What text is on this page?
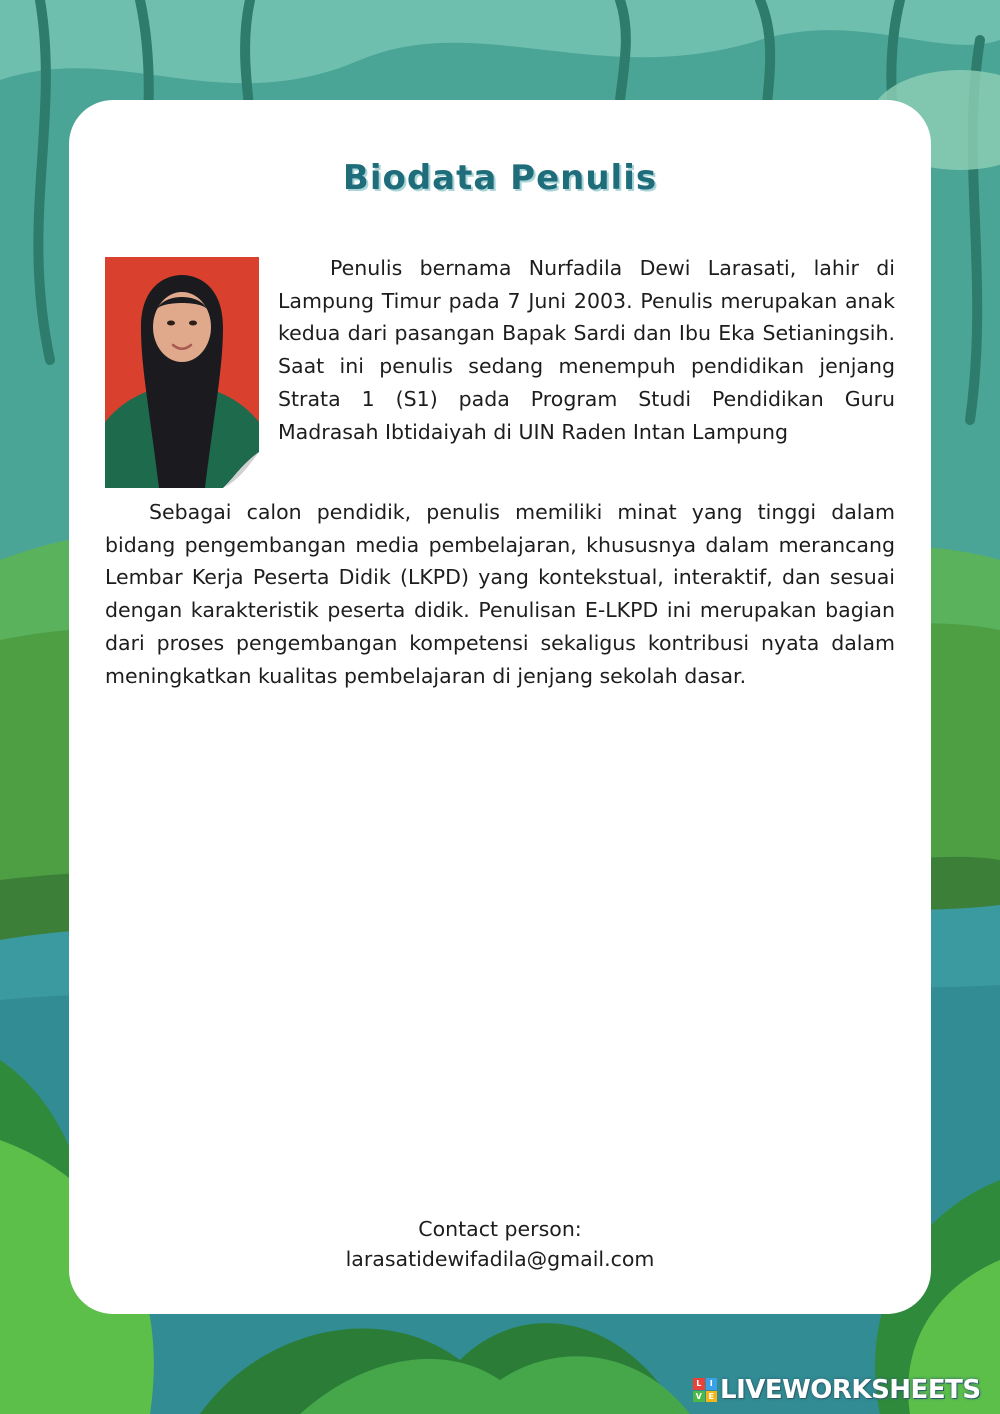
Biodata Penulis

Penulis bernama Nurfadila Dewi Larasati, lahir di Lampung Timur pada 7 Juni 2003. Penulis merupakan anak kedua dari pasangan Bapak Sardi dan Ibu Eka Setianingsih. Saat ini penulis sedang menempuh pendidikan jenjang Strata 1 (S1) pada Program Studi Pendidikan Guru Madrasah Ibtidaiyah di UIN Raden Intan Lampung

Sebagai calon pendidik, penulis memiliki minat yang tinggi dalam bidang pengembangan media pembelajaran, khususnya dalam merancang Lembar Kerja Peserta Didik (LKPD) yang kontekstual, interaktif, dan sesuai dengan karakteristik peserta didik. Penulisan E-LKPD ini merupakan bagian dari proses pengembangan kompetensi sekaligus kontribusi nyata dalam meningkatkan kualitas pembelajaran di jenjang sekolah dasar.

Contact person:
larasatidewifadila@gmail.com
L	I
V E LIVEWORKSHEETS
